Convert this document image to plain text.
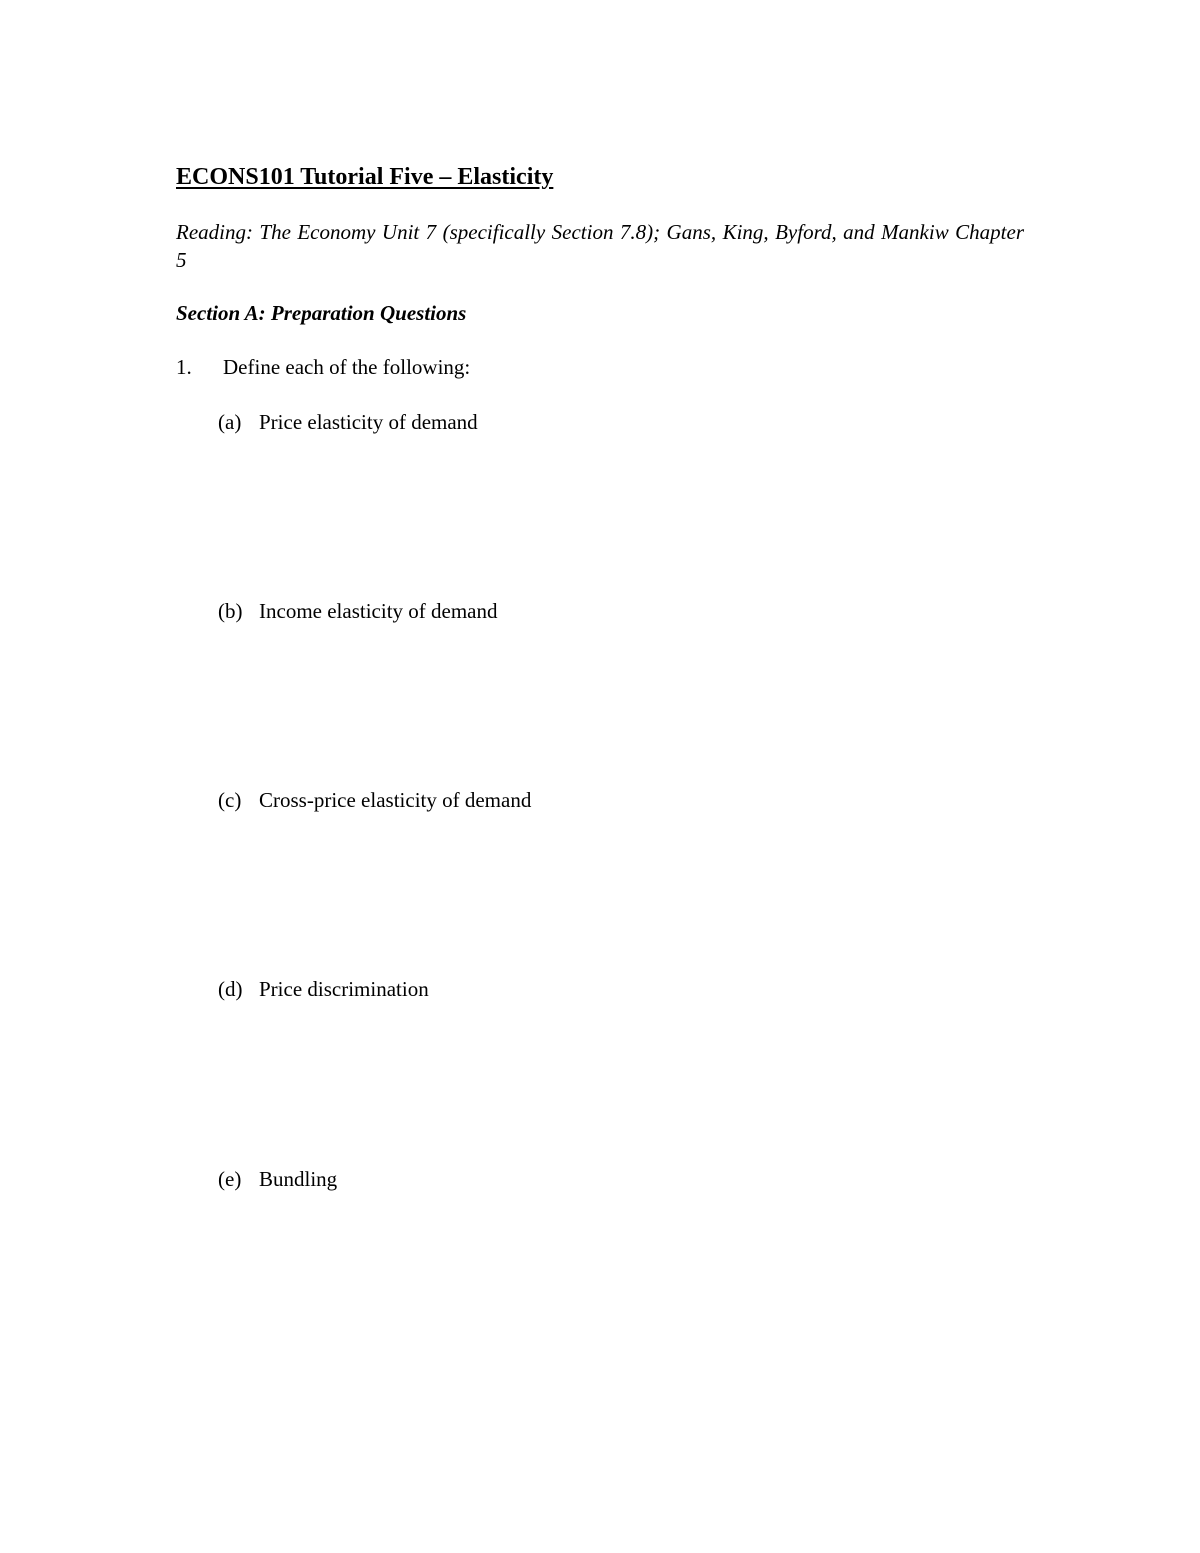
ECONS101 Tutorial Five – Elasticity

Reading: The Economy Unit 7 (specifically Section 7.8); Gans, King, Byford, and Mankiw Chapter 5

Section A: Preparation Questions
1. Define each of the following:
(a) Price elasticity of demand
(b) Income elasticity of demand
(c) Cross-price elasticity of demand
(d) Price discrimination
(e) Bundling
